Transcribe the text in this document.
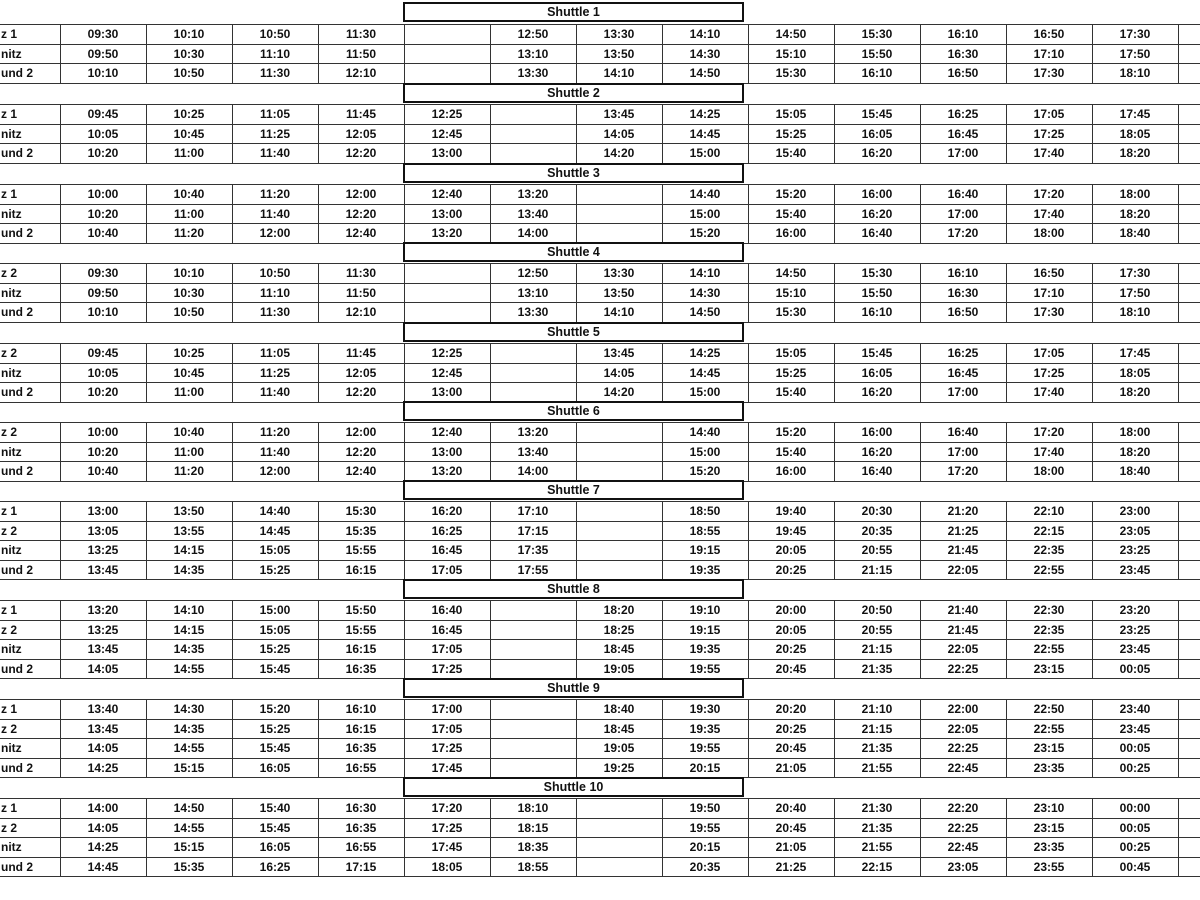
Shuttle 1
z 1	09:30	10:10	10:50	11:30		12:50	13:30	14:10	14:50	15:30	16:10	16:50	17:30	
nitz	09:50	10:30	11:10	11:50		13:10	13:50	14:30	15:10	15:50	16:30	17:10	17:50	
und 2	10:10	10:50	11:30	12:10		13:30	14:10	14:50	15:30	16:10	16:50	17:30	18:10	
Shuttle 2
z 1	09:45	10:25	11:05	11:45	12:25		13:45	14:25	15:05	15:45	16:25	17:05	17:45	
nitz	10:05	10:45	11:25	12:05	12:45		14:05	14:45	15:25	16:05	16:45	17:25	18:05	
und 2	10:20	11:00	11:40	12:20	13:00		14:20	15:00	15:40	16:20	17:00	17:40	18:20	
Shuttle 3
z 1	10:00	10:40	11:20	12:00	12:40	13:20		14:40	15:20	16:00	16:40	17:20	18:00	
nitz	10:20	11:00	11:40	12:20	13:00	13:40		15:00	15:40	16:20	17:00	17:40	18:20	
und 2	10:40	11:20	12:00	12:40	13:20	14:00		15:20	16:00	16:40	17:20	18:00	18:40	
Shuttle 4
z 2	09:30	10:10	10:50	11:30		12:50	13:30	14:10	14:50	15:30	16:10	16:50	17:30	
nitz	09:50	10:30	11:10	11:50		13:10	13:50	14:30	15:10	15:50	16:30	17:10	17:50	
und 2	10:10	10:50	11:30	12:10		13:30	14:10	14:50	15:30	16:10	16:50	17:30	18:10	
Shuttle 5
z 2	09:45	10:25	11:05	11:45	12:25		13:45	14:25	15:05	15:45	16:25	17:05	17:45	
nitz	10:05	10:45	11:25	12:05	12:45		14:05	14:45	15:25	16:05	16:45	17:25	18:05	
und 2	10:20	11:00	11:40	12:20	13:00		14:20	15:00	15:40	16:20	17:00	17:40	18:20	
Shuttle 6
z 2	10:00	10:40	11:20	12:00	12:40	13:20		14:40	15:20	16:00	16:40	17:20	18:00	
nitz	10:20	11:00	11:40	12:20	13:00	13:40		15:00	15:40	16:20	17:00	17:40	18:20	
und 2	10:40	11:20	12:00	12:40	13:20	14:00		15:20	16:00	16:40	17:20	18:00	18:40	
Shuttle 7
z 1	13:00	13:50	14:40	15:30	16:20	17:10		18:50	19:40	20:30	21:20	22:10	23:00	
z 2	13:05	13:55	14:45	15:35	16:25	17:15		18:55	19:45	20:35	21:25	22:15	23:05	
nitz	13:25	14:15	15:05	15:55	16:45	17:35		19:15	20:05	20:55	21:45	22:35	23:25	
und 2	13:45	14:35	15:25	16:15	17:05	17:55		19:35	20:25	21:15	22:05	22:55	23:45	
Shuttle 8
z 1	13:20	14:10	15:00	15:50	16:40		18:20	19:10	20:00	20:50	21:40	22:30	23:20	
z 2	13:25	14:15	15:05	15:55	16:45		18:25	19:15	20:05	20:55	21:45	22:35	23:25	
nitz	13:45	14:35	15:25	16:15	17:05		18:45	19:35	20:25	21:15	22:05	22:55	23:45	
und 2	14:05	14:55	15:45	16:35	17:25		19:05	19:55	20:45	21:35	22:25	23:15	00:05	
Shuttle 9
z 1	13:40	14:30	15:20	16:10	17:00		18:40	19:30	20:20	21:10	22:00	22:50	23:40	
z 2	13:45	14:35	15:25	16:15	17:05		18:45	19:35	20:25	21:15	22:05	22:55	23:45	
nitz	14:05	14:55	15:45	16:35	17:25		19:05	19:55	20:45	21:35	22:25	23:15	00:05	
und 2	14:25	15:15	16:05	16:55	17:45		19:25	20:15	21:05	21:55	22:45	23:35	00:25	
Shuttle 10
z 1	14:00	14:50	15:40	16:30	17:20	18:10		19:50	20:40	21:30	22:20	23:10	00:00	
z 2	14:05	14:55	15:45	16:35	17:25	18:15		19:55	20:45	21:35	22:25	23:15	00:05	
nitz	14:25	15:15	16:05	16:55	17:45	18:35		20:15	21:05	21:55	22:45	23:35	00:25	
und 2	14:45	15:35	16:25	17:15	18:05	18:55		20:35	21:25	22:15	23:05	23:55	00:45	
